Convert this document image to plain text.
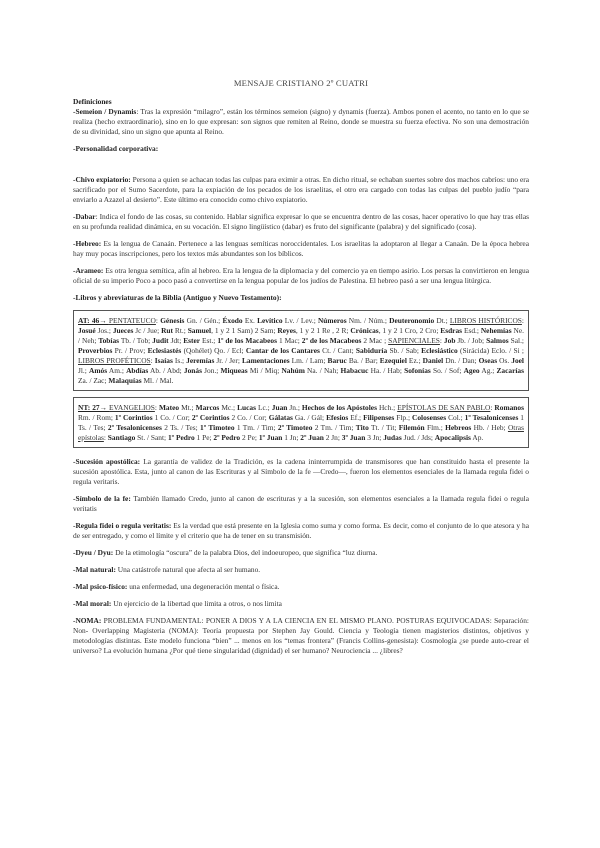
MENSAJE CRISTIANO 2º CUATRI

Definiciones

-Semeion / Dynamis: Tras la expresión “milagro”, están los términos semeion (signo) y dynamis (fuerza). Ambos ponen el acento, no tanto en lo que se realiza (hecho extraordinario), sino en lo que expresan: son signos que remiten al Reino, donde se muestra su fuerza efectiva. No son una demostración de su divinidad, sino un signo que apunta al Reino.

-Personalidad corporativa:

-Chivo expiatorio: Persona a quien se achacan todas las culpas para eximir a otras. En dicho ritual, se echaban suertes sobre dos machos cabríos: uno era sacrificado por el Sumo Sacerdote, para la expiación de los pecados de los israelitas, el otro era cargado con todas las culpas del pueblo judío “para enviarlo a Azazel al desierto”. Este último era conocido como chivo expiatorio.

-Dabar: Indica el fondo de las cosas, su contenido. Hablar significa expresar lo que se encuentra dentro de las cosas, hacer operativo lo que hay tras ellas en su profunda realidad dinámica, en su vocación. El signo lingüístico (dabar) es fruto del significante (palabra) y del significado (cosa).

-Hebreo: Es la lengua de Canaán. Pertenece a las lenguas semíticas noroccidentales. Los israelitas la adoptaron al llegar a Canaán. De la época hebrea hay muy pocas inscripciones, pero los textos más abundantes son los bíblicos.

-Arameo: Es otra lengua semítica, afín al hebreo. Era la lengua de la diplomacia y del comercio ya en tiempo asirio. Los persas la convirtieron en lengua oficial de su imperio Poco a poco pasó a convertirse en la lengua popular de los judíos de Palestina. El hebreo pasó a ser una lengua litúrgica.

-Libros y abreviaturas de la Biblia (Antiguo y Nuevo Testamento):

AT: 46→ PENTATEUCO: Génesis Gn. / Gén.; Éxodo Ex. Levítico Lv. / Lev.; Números Nm. / Núm.; Deuteronomio Dt.; LIBROS HISTÓRICOS: Josué Jos.; Jueces Jc / Jue; Rut Rt.; Samuel, 1 y 2 1 Sam) 2 Sam; Reyes, 1 y 2 1 Re , 2 R; Crónicas, 1 y 2 1 Cro, 2 Cro; Esdras Esd.; Nehemías Ne. / Neh; Tobías Tb. / Tob; Judit Jdt; Ester Est.; 1º de los Macabeos 1 Mac; 2º de los Macabeos 2 Mac ; SAPIENCIALES: Job Jb. / Job; Salmos Sal.; Proverbios Pr. / Prov; Eclesiastés (Qohélet) Qo. / Ecl; Cantar de los Cantares Ct. / Cant; Sabiduría Sb. / Sab; Eclesiástico (Sirácida) Eclo. / Si ; LIBROS PROFÉTICOS: Isaías Is.; Jeremías Jr. / Jer; Lamentaciones Lm. / Lam; Baruc Ba. / Bar; Ezequiel Ez.; Daniel Dn. / Dan; Oseas Os. Joel Jl.; Amós Am.; Abdías Ab. / Abd; Jonás Jon.; Miqueas Mi / Miq; Nahúm Na. / Nah; Habacuc Ha. / Hab; Sofonías So. / Sof; Ageo Ag.; Zacarías Za. / Zac; Malaquías Ml. / Mal.
NT: 27→ EVANGELIOS: Mateo Mt.; Marcos Mc.; Lucas Lc.; Juan Jn.; Hechos de los Apóstoles Hch.; EPÍSTOLAS DE SAN PABLO: Romanos Rm. / Rom; 1º Corintios 1 Co. / Cor; 2º Corintios 2 Co. / Cor; Gálatas Ga. / Gál; Efesios Ef.; Filipenses Flp.; Colosenses Col.; 1º Tesalonicenses 1 Ts. / Tes; 2º Tesalonicenses 2 Ts. / Tes; 1º Timoteo 1 Tm. / Tim; 2º Timoteo 2 Tm. / Tim; Tito Tt. / Tit; Filemón Flm.; Hebreos Hb. / Heb; Otras epístolas: Santiago St. / Sant; 1º Pedro 1 Pe; 2º Pedro 2 Pe; 1º Juan 1 Jn; 2º Juan 2 Jn; 3º Juan 3 Jn; Judas Jud. / Jds; Apocalipsis Ap.

-Sucesión apostólica: La garantía de validez de la Tradición, es la cadena ininterrumpida de transmisores que han constituido hasta el presente la sucesión apostólica. Esta, junto al canon de las Escrituras y al Símbolo de la fe —Credo—, fueron los elementos esenciales de la llamada regula fidei o regula veritaris.

-Símbolo de la fe: También llamado Credo, junto al canon de escrituras y a la sucesión, son elementos esenciales a la llamada regula fidei o regula veritatis

-Regula fidei o regula veritatis: Es la verdad que está presente en la Iglesia como suma y como forma. Es decir, como el conjunto de lo que atesora y ha de ser entregado, y como el límite y el criterio que ha de tener en su transmisión.

-Dyeu / Dyu: De la etimología “oscura” de la palabra Dios, del indoeuropeo, que significa “luz diurna.

-Mal natural: Una catástrofe natural que afecta al ser humano.

-Mal psico-físico: una enfermedad, una degeneración mental o física.

-Mal moral: Un ejercicio de la libertad que limita a otros, o nos limita

-NOMA: PROBLEMA FUNDAMENTAL: PONER A DIOS Y A LA CIENCIA EN EL MISMO PLANO. POSTURAS EQUIVOCADAS: Separación: Non- Overlapping Magisteria (NOMA): Teoría propuesta por Stephen Jay Gould. Ciencia y Teología tienen magisterios distintos, objetivos y metodologías distintas. Este modelo funciona “bien” ... menos en los “temas frontera” (Francis Collins-genesista): Cosmología ¿se puede auto-crear el universo? La evolución humana ¿Por qué tiene singularidad (dignidad) el ser humano? Neurociencia ... ¿libres?
